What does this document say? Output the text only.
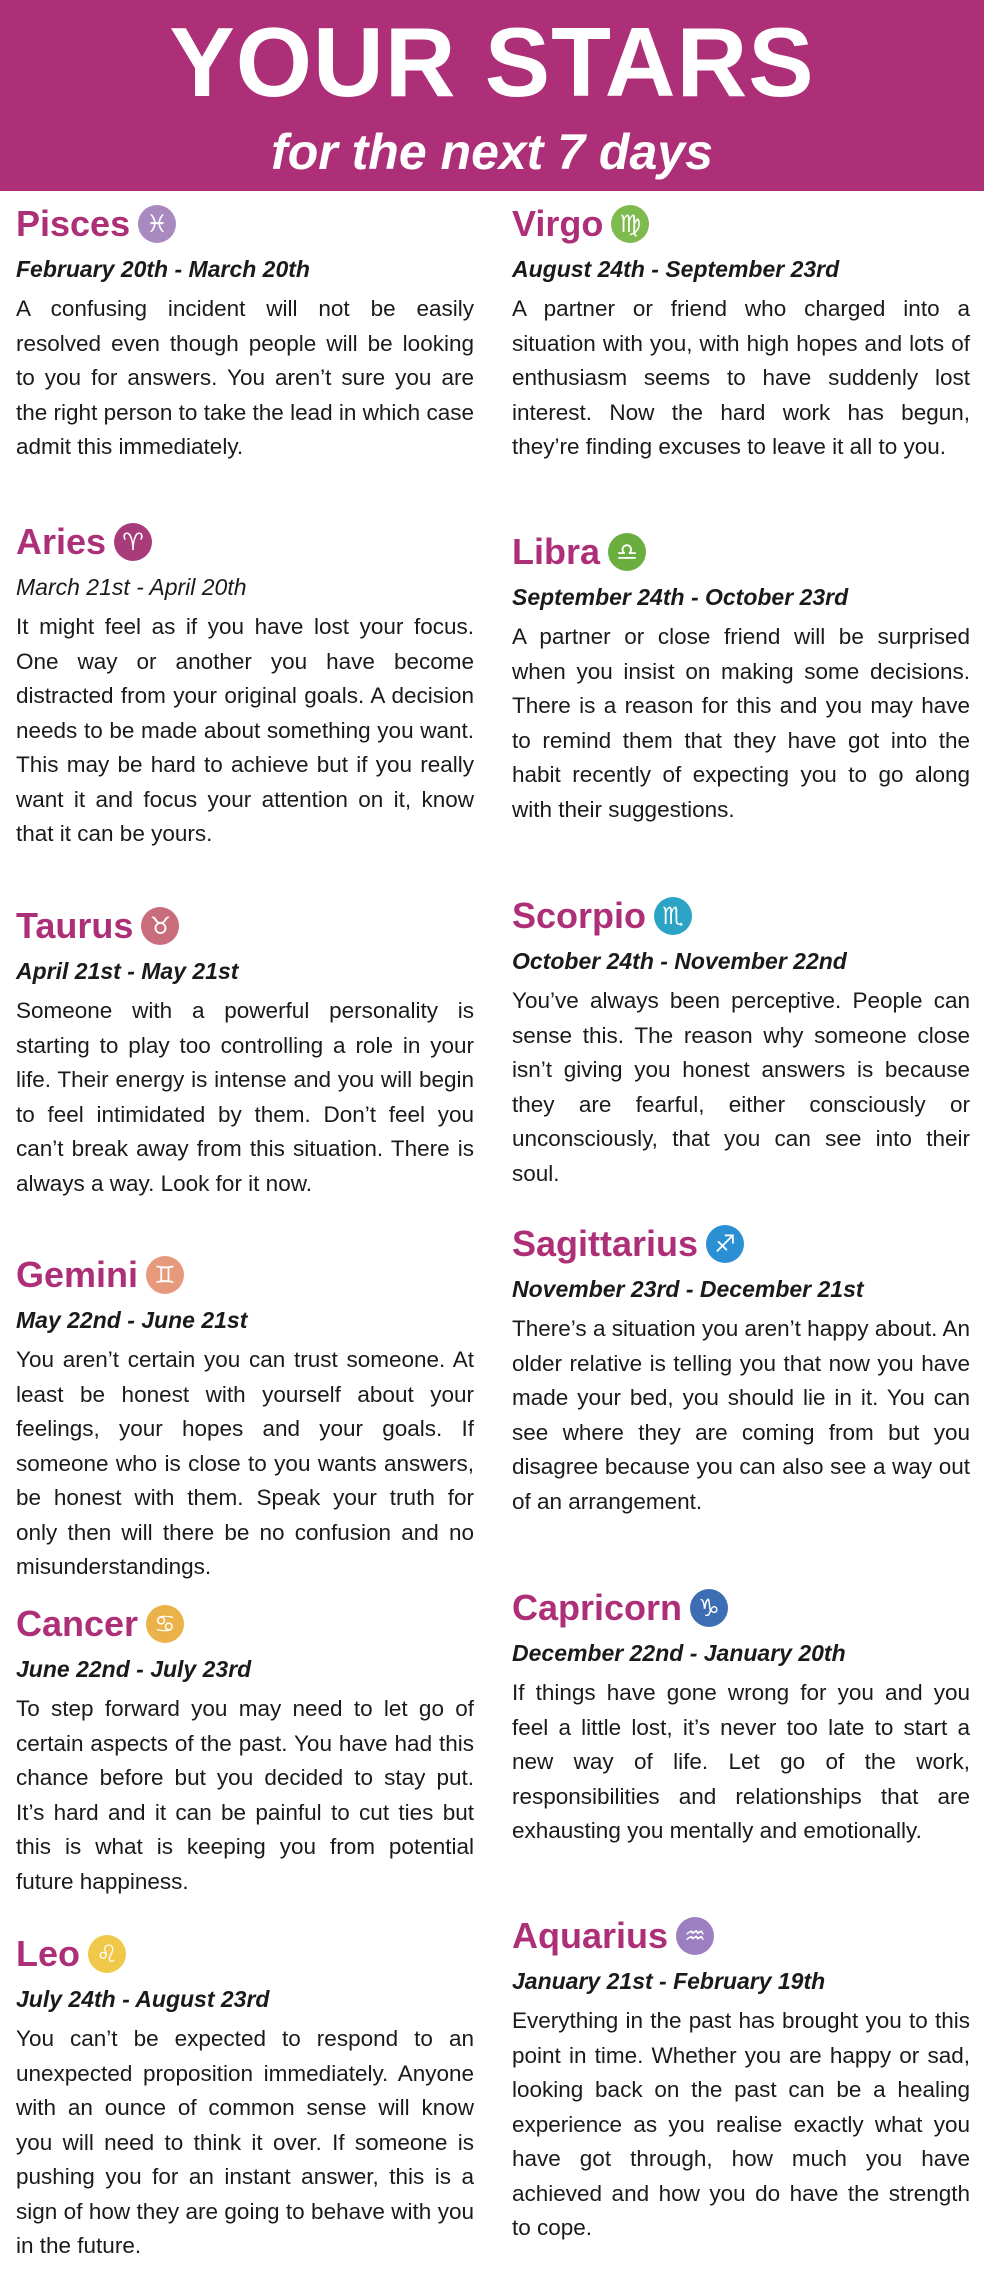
YOUR STARS
for the next 7 days
Pisces ♓
February 20th - March 20th
A confusing incident will not be easily resolved even though people will be looking to you for answers. You aren’t sure you are the right person to take the lead in which case admit this immediately.
Aries ♈
March 21st - April 20th
It might feel as if you have lost your focus. One way or another you have become distracted from your original goals. A decision needs to be made about something you want. This may be hard to achieve but if you really want it and focus your attention on it, know that it can be yours.
Taurus ♉
April 21st - May 21st
Someone with a powerful personality is starting to play too controlling a role in your life. Their energy is intense and you will begin to feel intimidated by them. Don’t feel you can’t break away from this situation. There is always a way. Look for it now.
Gemini ♊
May 22nd - June 21st
You aren’t certain you can trust someone. At least be honest with yourself about your feelings, your hopes and your goals. If someone who is close to you wants answers, be honest with them. Speak your truth for only then will there be no confusion and no misunderstandings.
Cancer ♋
June 22nd - July 23rd
To step forward you may need to let go of certain aspects of the past. You have had this chance before but you decided to stay put. It’s hard and it can be painful to cut ties but this is what is keeping you from potential future happiness.
Leo ♌
July 24th - August 23rd
You can’t be expected to respond to an unexpected proposition immediately. Anyone with an ounce of common sense will know you will need to think it over. If someone is pushing you for an instant answer, this is a sign of how they are going to behave with you in the future.
Virgo ♍
August 24th - September 23rd
A partner or friend who charged into a situation with you, with high hopes and lots of enthusiasm seems to have suddenly lost interest. Now the hard work has begun, they’re finding excuses to leave it all to you.
Libra ♎
September 24th - October 23rd
A partner or close friend will be surprised when you insist on making some decisions. There is a reason for this and you may have to remind them that they have got into the habit recently of expecting you to go along with their suggestions.
Scorpio ♏
October 24th - November 22nd
You’ve always been perceptive. People can sense this. The reason why someone close isn’t giving you honest answers is because they are fearful, either consciously or unconsciously, that you can see into their soul.
Sagittarius ♐
November 23rd - December 21st
There’s a situation you aren’t happy about. An older relative is telling you that now you have made your bed, you should lie in it. You can see where they are coming from but you disagree because you can also see a way out of an arrangement.
Capricorn ♑
December 22nd - January 20th
If things have gone wrong for you and you feel a little lost, it’s never too late to start a new way of life. Let go of the work, responsibilities and relationships that are exhausting you mentally and emotionally.
Aquarius ♒
January 21st - February 19th
Everything in the past has brought you to this point in time. Whether you are happy or sad, looking back on the past can be a healing experience as you realise exactly what you have got through, how much you have achieved and how you do have the strength to cope.
